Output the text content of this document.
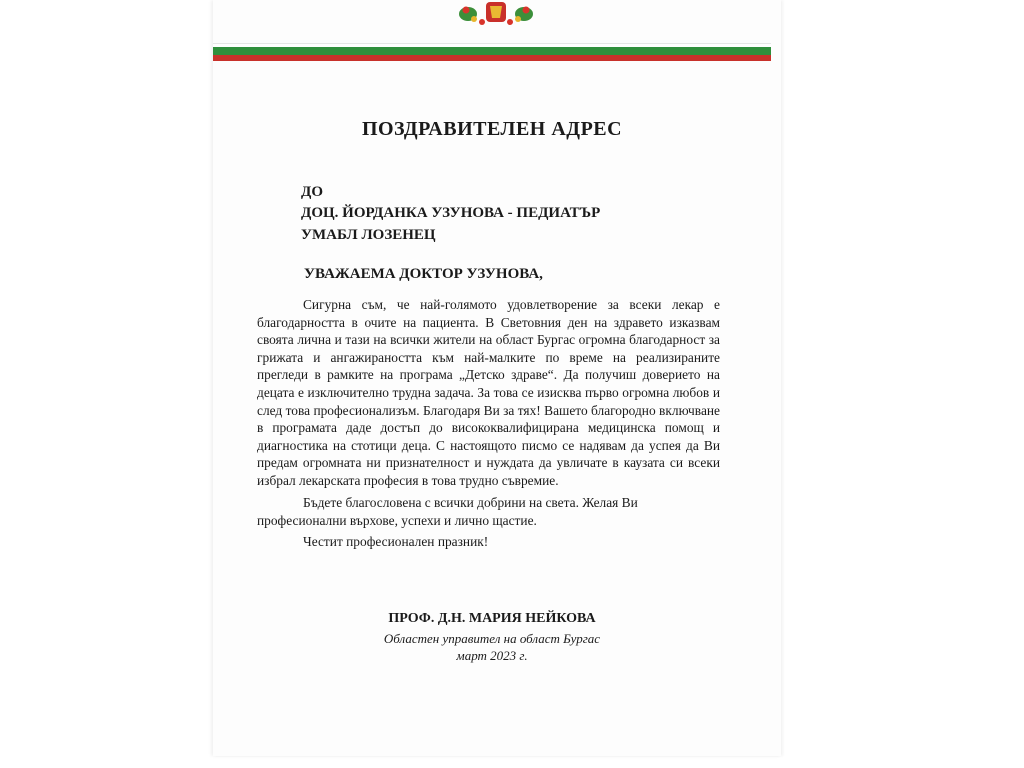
ПОЗДРАВИТЕЛЕН АДРЕС
ДО
ДОЦ. ЙОРДАНКА УЗУНОВА - ПЕДИАТЪР
УМАБЛ ЛОЗЕНЕЦ
УВАЖАЕМА ДОКТОР УЗУНОВА,

Сигурна съм, че най-голямото удовлетворение за всеки лекар е благодарността в очите на пациента. В Световния ден на здравето изказвам своята лична и тази на всички жители на област Бургас огромна благодарност за грижата и ангажираността към най-малките по време на реализираните прегледи в рамките на програма „Детско здраве“. Да получиш доверието на децата е изключително трудна задача. За това се изисква първо огромна любов и след това професионализъм. Благодаря Ви за тях! Вашето благородно включване в програмата даде достъп до висококвалифицирана медицинска помощ и диагностика на стотици деца. С настоящото писмо се надявам да успея да Ви предам огромната ни признателност и нуждата да увличате в каузата си всеки избрал лекарската професия в това трудно съвремие.

Бъдете благословена с всички добрини на света. Желая Ви професионални върхове, успехи и лично щастие.
Честит професионален празник!
ПРОФ. Д.Н. МАРИЯ НЕЙКОВА
Областен управител на област Бургас
март 2023 г.
